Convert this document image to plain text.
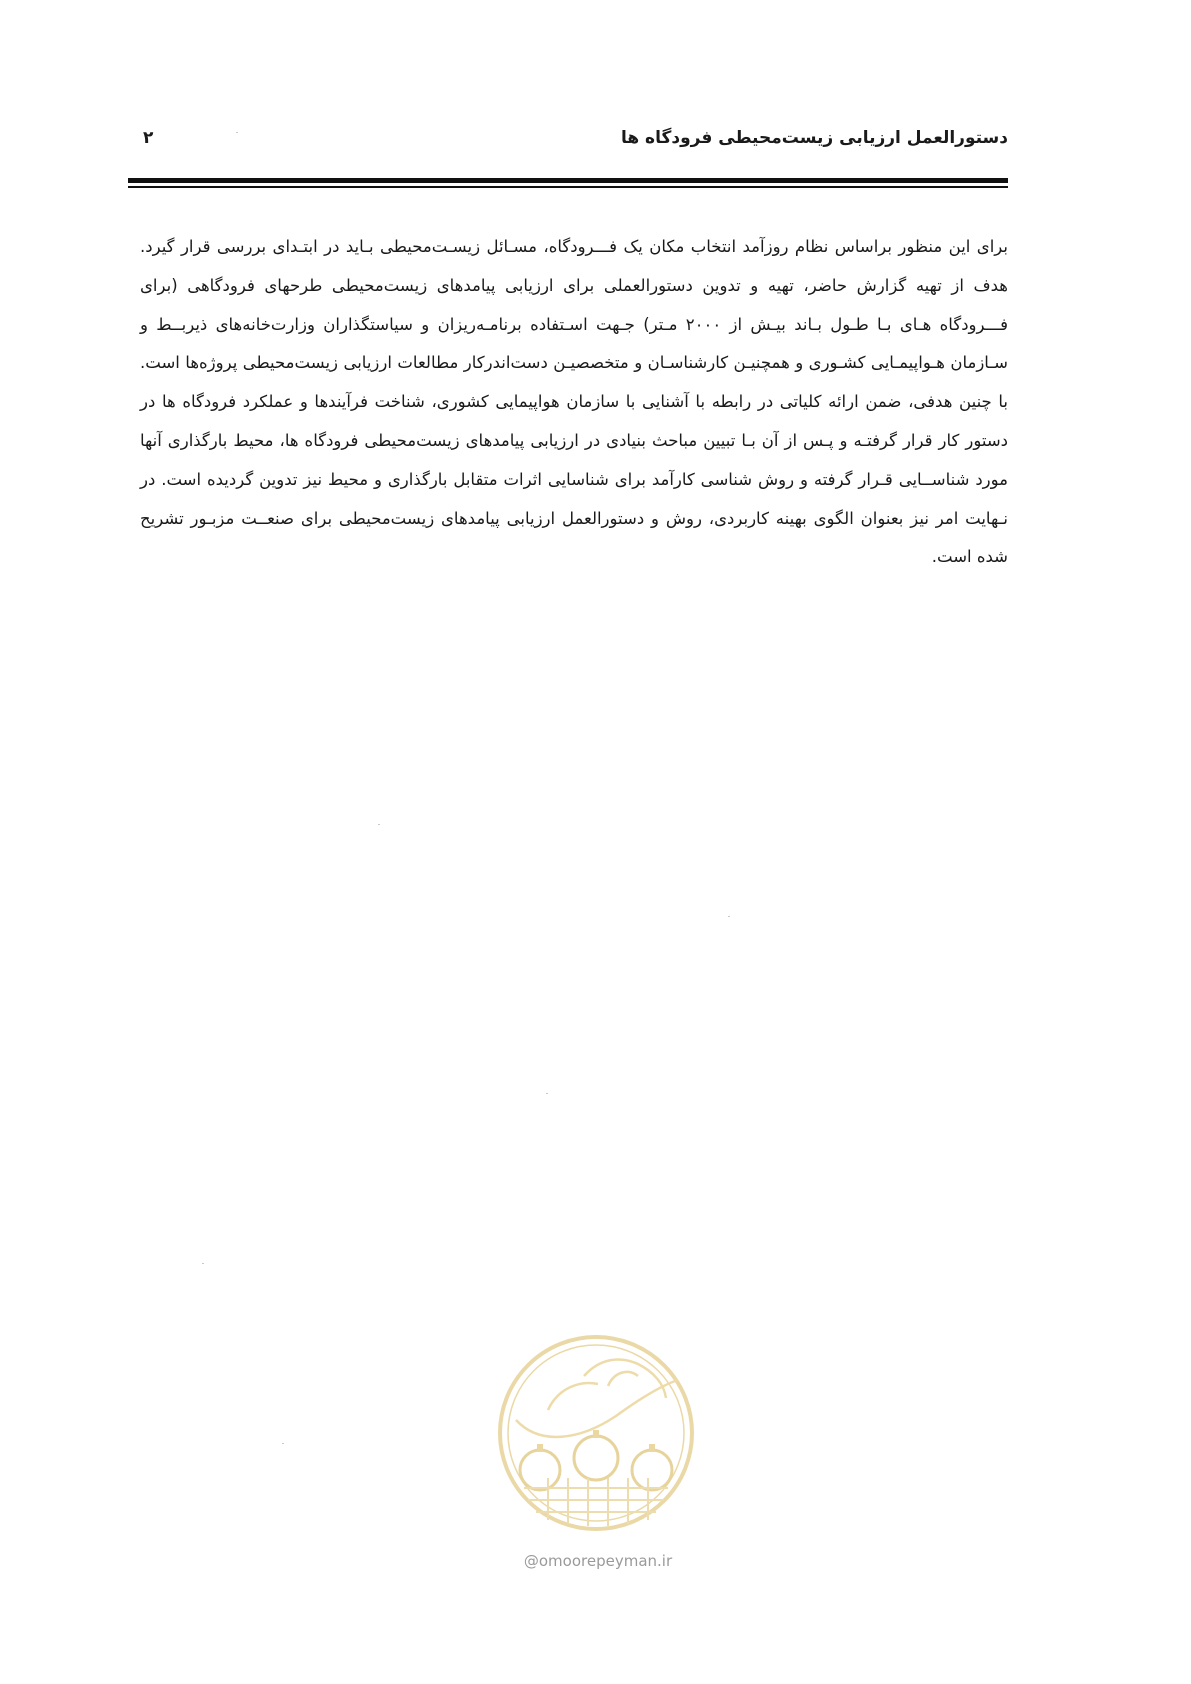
دستورالعمل ارزیابی زیست‌محیطی فرودگاه ها
۲

برای این منظور براساس نظام روزآمد انتخاب مکان یک فـــرودگاه، مسـائل زیسـت‌محیطی بـاید در ابتـدای بررسی قرار گیرد. هدف از تهیه گزارش حاضر، تهیه و تدوین دستورالعملی برای ارزیابی پیامدهای زیست‌محیطی طرحهای فرودگاهی (برای فـــرودگاه هـای بـا طـول بـاند بیـش از ۲۰۰۰ مـتر) جـهت اسـتفاده برنامـه‌ریزان و سیاستگذاران وزارت‌خانه‌های ذیربــط و سـازمان هـواپیمـایی کشـوری و همچنیـن کارشناسـان و متخصصیـن دست‌اندرکار مطالعات ارزیابی زیست‌محیطی پروژه‌ها است. با چنین هدفی، ضمن ارائه کلیاتی در رابطه با آشنایی با سازمان هواپیمایی کشوری، شناخت فرآیندها و عملکرد فرودگاه ها در دستور کار قرار گرفتـه و پـس از آن بـا تبیین مباحث بنیادی در ارزیابی پیامدهای زیست‌محیطی فرودگاه ها، محیط بارگذاری آنها مورد شناســایی قـرار گرفته و روش شناسی کارآمد برای شناسایی اثرات متقابل بارگذاری و محیط نیز تدوین گردیده است. در نـهایت امر نیز بعنوان الگوی بهینه کاربردی، روش و دستورالعمل ارزیابی پیامدهای زیست‌محیطی برای صنعــت مزبـور تشریح شده است.

@omoorepeyman.ir
